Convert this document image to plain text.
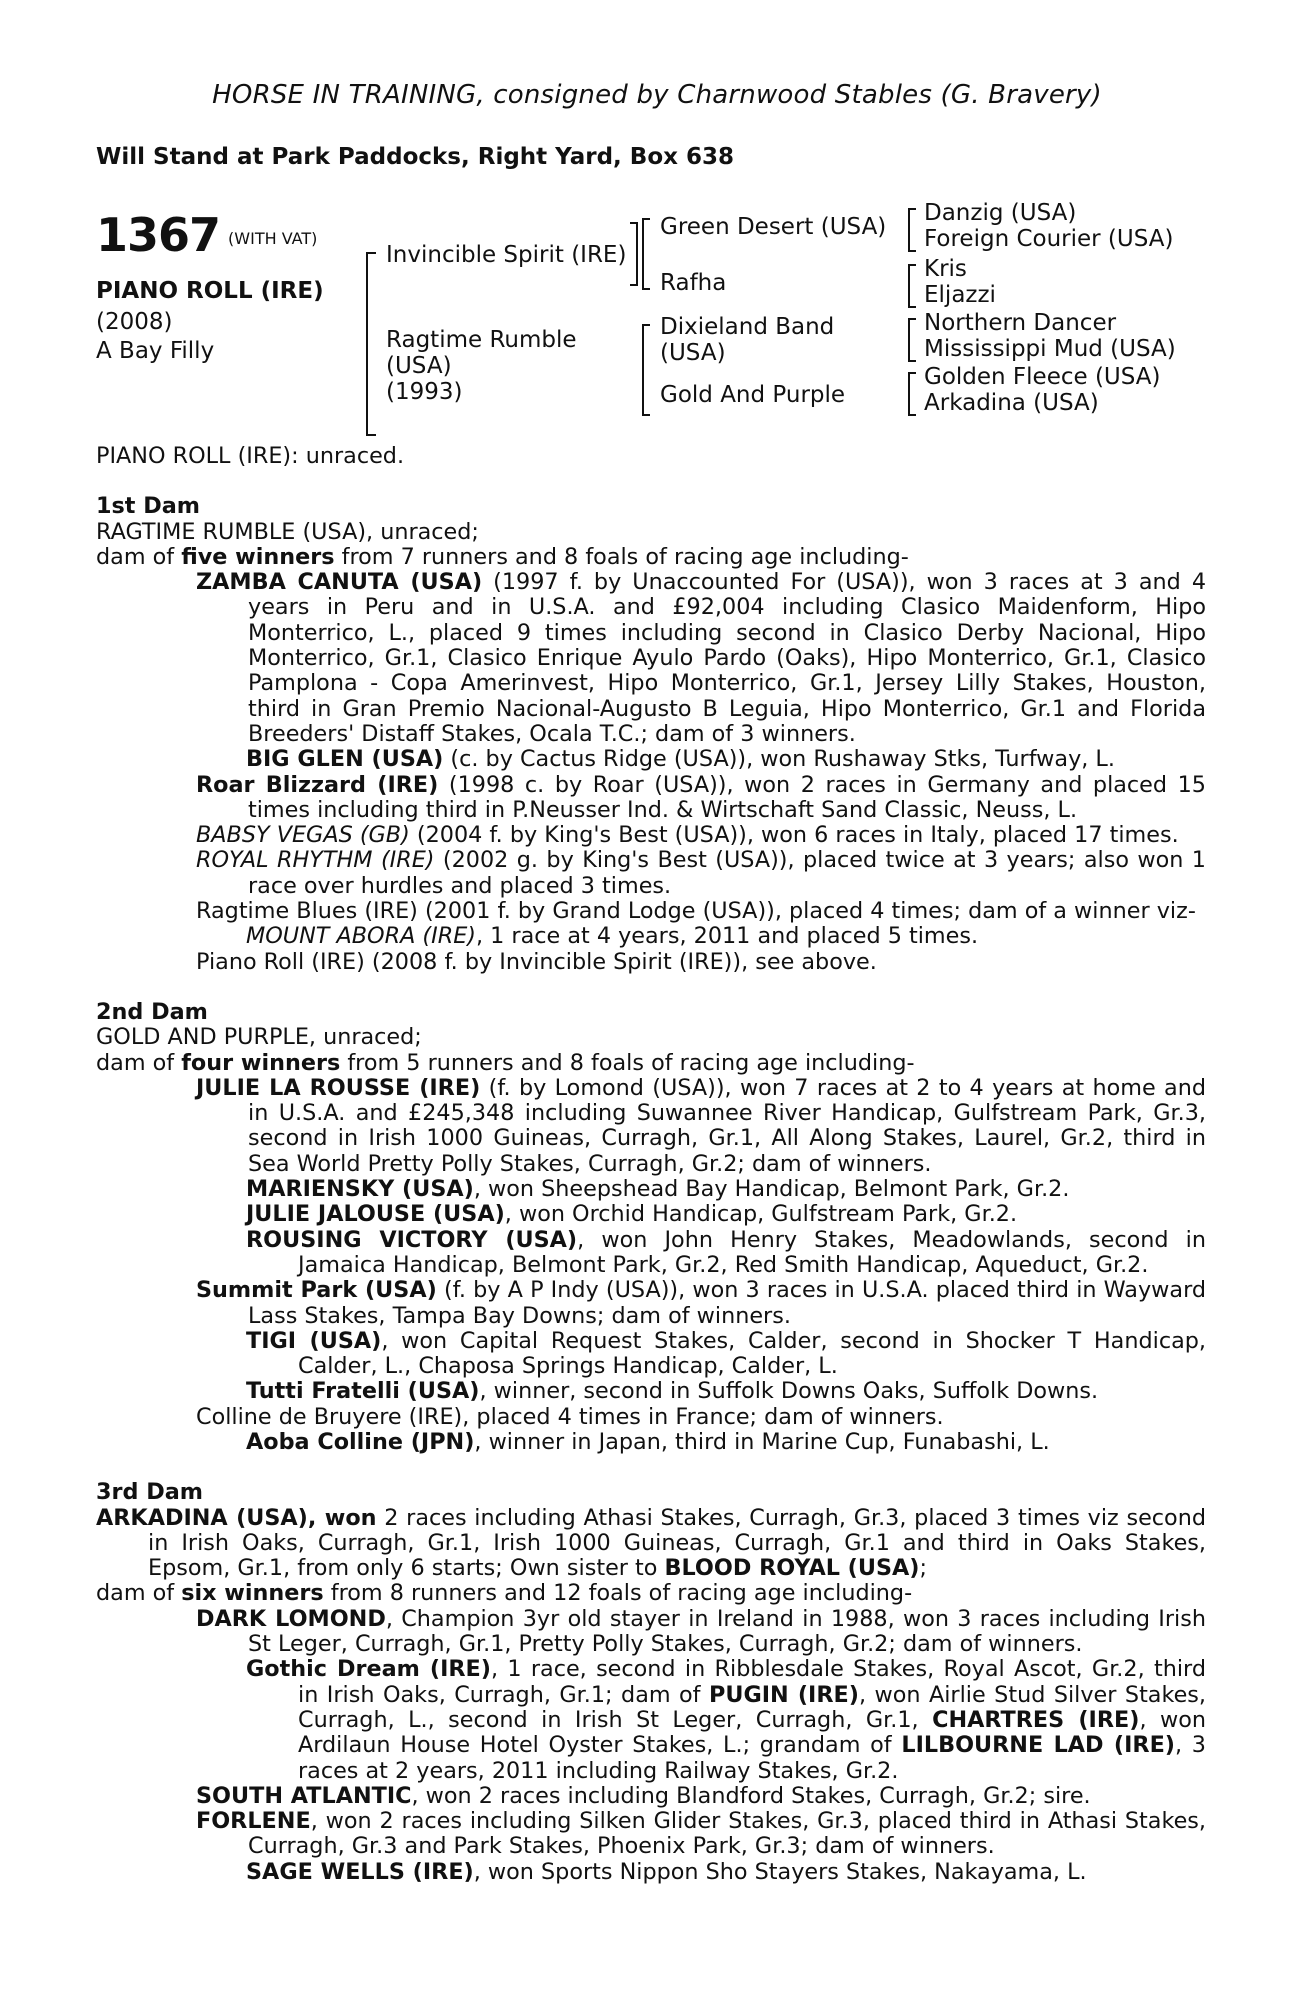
HORSE IN TRAINING, consigned by Charnwood Stables (G. Bravery)
Will Stand at Park Paddocks, Right Yard, Box 638
1367 (WITH VAT)
PIANO ROLL (IRE)
(2008)
A Bay Filly
Invincible Spirit (IRE)
Ragtime Rumble
(USA)
(1993)
Green Desert (USA)
Rafha
Dixieland Band
(USA)
Gold And Purple
Danzig (USA)
Foreign Courier (USA)
Kris
Eljazzi
Northern Dancer
Mississippi Mud (USA)
Golden Fleece (USA)
Arkadina (USA)

PIANO ROLL (IRE): unraced.

1st Dam

RAGTIME RUMBLE (USA), unraced;

dam of five winners from 7 runners and 8 foals of racing age including-

ZAMBA CANUTA (USA) (1997 f. by Unaccounted For (USA)), won 3 races at 3 and 4 years in Peru and in U.S.A. and £92,004 including Clasico Maidenform, Hipo Monterrico, L., placed 9 times including second in Clasico Derby Nacional, Hipo Monterrico, Gr.1, Clasico Enrique Ayulo Pardo (Oaks), Hipo Monterrico, Gr.1, Clasico Pamplona - Copa Amerinvest, Hipo Monterrico, Gr.1, Jersey Lilly Stakes, Houston, third in Gran Premio Nacional-Augusto B Leguia, Hipo Monterrico, Gr.1 and Florida Breeders' Distaff Stakes, Ocala T.C.; dam of 3 winners.

BIG GLEN (USA) (c. by Cactus Ridge (USA)), won Rushaway Stks, Turfway, L.

Roar Blizzard (IRE) (1998 c. by Roar (USA)), won 2 races in Germany and placed 15 times including third in P.Neusser Ind. & Wirtschaft Sand Classic, Neuss, L.

BABSY VEGAS (GB) (2004 f. by King's Best (USA)), won 6 races in Italy, placed 17 times.

ROYAL RHYTHM (IRE) (2002 g. by King's Best (USA)), placed twice at 3 years; also won 1 race over hurdles and placed 3 times.

Ragtime Blues (IRE) (2001 f. by Grand Lodge (USA)), placed 4 times; dam of a winner viz-

MOUNT ABORA (IRE), 1 race at 4 years, 2011 and placed 5 times.

Piano Roll (IRE) (2008 f. by Invincible Spirit (IRE)), see above.

2nd Dam

GOLD AND PURPLE, unraced;

dam of four winners from 5 runners and 8 foals of racing age including-

JULIE LA ROUSSE (IRE) (f. by Lomond (USA)), won 7 races at 2 to 4 years at home and in U.S.A. and £245,348 including Suwannee River Handicap, Gulfstream Park, Gr.3, second in Irish 1000 Guineas, Curragh, Gr.1, All Along Stakes, Laurel, Gr.2, third in Sea World Pretty Polly Stakes, Curragh, Gr.2; dam of winners.

MARIENSKY (USA), won Sheepshead Bay Handicap, Belmont Park, Gr.2.

JULIE JALOUSE (USA), won Orchid Handicap, Gulfstream Park, Gr.2.

ROUSING VICTORY (USA), won John Henry Stakes, Meadowlands, second in Jamaica Handicap, Belmont Park, Gr.2, Red Smith Handicap, Aqueduct, Gr.2.

Summit Park (USA) (f. by A P Indy (USA)), won 3 races in U.S.A. placed third in Wayward Lass Stakes, Tampa Bay Downs; dam of winners.

TIGI (USA), won Capital Request Stakes, Calder, second in Shocker T Handicap, Calder, L., Chaposa Springs Handicap, Calder, L.

Tutti Fratelli (USA), winner, second in Suffolk Downs Oaks, Suffolk Downs.

Colline de Bruyere (IRE), placed 4 times in France; dam of winners.

Aoba Colline (JPN), winner in Japan, third in Marine Cup, Funabashi, L.

3rd Dam

ARKADINA (USA), won 2 races including Athasi Stakes, Curragh, Gr.3, placed 3 times viz second in Irish Oaks, Curragh, Gr.1, Irish 1000 Guineas, Curragh, Gr.1 and third in Oaks Stakes, Epsom, Gr.1, from only 6 starts; Own sister to BLOOD ROYAL (USA);

dam of six winners from 8 runners and 12 foals of racing age including-

DARK LOMOND, Champion 3yr old stayer in Ireland in 1988, won 3 races including Irish St Leger, Curragh, Gr.1, Pretty Polly Stakes, Curragh, Gr.2; dam of winners.

Gothic Dream (IRE), 1 race, second in Ribblesdale Stakes, Royal Ascot, Gr.2, third in Irish Oaks, Curragh, Gr.1; dam of PUGIN (IRE), won Airlie Stud Silver Stakes, Curragh, L., second in Irish St Leger, Curragh, Gr.1, CHARTRES (IRE), won Ardilaun House Hotel Oyster Stakes, L.; grandam of LILBOURNE LAD (IRE), 3 races at 2 years, 2011 including Railway Stakes, Gr.2.

SOUTH ATLANTIC, won 2 races including Blandford Stakes, Curragh, Gr.2; sire.

FORLENE, won 2 races including Silken Glider Stakes, Gr.3, placed third in Athasi Stakes, Curragh, Gr.3 and Park Stakes, Phoenix Park, Gr.3; dam of winners.

SAGE WELLS (IRE), won Sports Nippon Sho Stayers Stakes, Nakayama, L.
